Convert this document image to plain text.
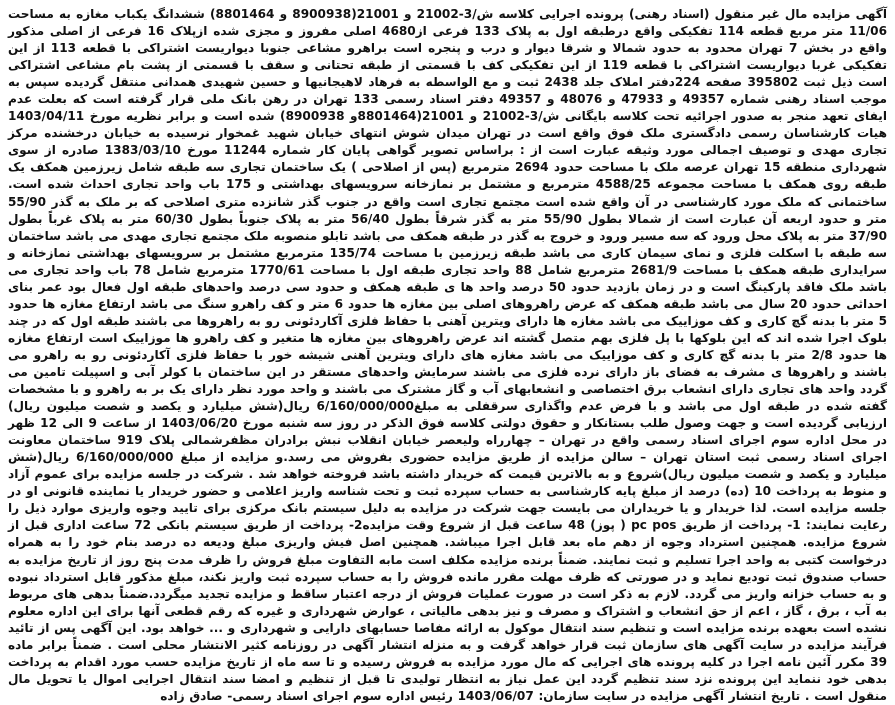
آگهی مزایده مال غیر منقول (اسناد رهنی) پرونده اجرایی کلاسه ش/3-21002 و 21001(8900938 و 8801464) ششدانگ یکباب مغازه به مساحت 11/06 متر مربع قطعه 114 تفکیکی واقع درطبقه اول به پلاک 133 فرعی از4680 اصلی مفروز و مجزی شده ازپلاک 16 فرعی از اصلی مذکور واقع در بخش 7 تهران محدود به حدود شمالا و شرقا دیوار و درب و پنجره است براهرو مشاعی جنوبا دیواریست اشتراکی با قطعه 113 از این تفکیکی غربا دیواریست اشتراکی با قطعه 119 از این تفکیکی کف با قسمتی از طبقه تحتانی و سقف با قسمتی از پشت بام مشاعی اشتراکی است ذیل ثبت 395802 صفحه 224دفتر املاک جلد 2438 ثبت و مع الواسطه به فرهاد لاهیجانیها و حسین شهیدی همدانی منتقل گردیده سپس به موجب اسناد رهنی شماره 49357 و 47933 و 48076 و 49357 دفتر اسناد رسمی 133 تهران در رهن بانک ملی قرار گرفته است که بعلت عدم ایفای تعهد منجر به صدور اجرائیه تحت کلاسه بایگانی ش/3-21002 و 21001(8801464و 8900938) شده است و برابر نظریه مورخ 1403/04/11 هیات کارشناسان رسمی دادگستری ملک فوق واقع است در تهران میدان شوش انتهای خیابان شهید غمخوار نرسیده به خیابان درخشنده مرکز تجاری مهدی و توصیف اجمالی مورد وثیقه عبارت است از : براساس تصویر گواهی پایان کار شماره 11244 مورخ 1383/03/10 صادره از سوی شهرداری منطقه 15 تهران عرصه ملک با مساحت حدود 2694 مترمربع (پس از اصلاحی ) یک ساختمان تجاری سه طبقه شامل زیرزمین همکف یک طبقه روی همکف با مساحت مجموعه 4588/25 مترمربع و مشتمل بر نمازخانه سرویسهای بهداشتی و 175 باب واحد تجاری احداث شده است. ساختمانی که ملک مورد کارشناسی در آن واقع شده است مجتمع تجاری است واقع در جنوب گذر شانزده متری اصلاحی که بر ملک به گذر 55/90 متر و حدود اربعه آن عبارت است از شمالا بطول 55/90 متر به گذر شرقاً بطول 56/40 متر به پلاک جنوباً بطول 60/30 متر به پلاک غرباً بطول 37/90 متر به پلاک محل ورود که سه مسیر ورود و خروج به گذر در طبقه همکف می باشد تابلو منصوبه ملک مجتمع تجاری مهدی می باشد ساختمان سه طبقه با اسکلت فلزی و نمای سیمان کاری می باشد طبقه زیرزمین با مساحت 135/74 مترمربع مشتمل بر سرویسهای بهداشتی نمازخانه و سرایداری طبقه همکف با مساحت 2681/9 مترمربع شامل 88 واحد تجاری طبقه اول با مساحت 1770/61 مترمربع شامل 78 باب واحد تجاری می باشد ملک فاقد پارکینگ است و در زمان بازدید حدود 50 درصد واحد ها ی طبقه همکف و حدود سی درصد واحدهای طبقه اول فعال بود عمر بنای احداثی حدود 20 سال می باشد طبقه همکف که عرض راهروهای اصلی بین مغازه ها حدود 6 متر و کف راهرو سنگ می باشد ارتفاع مغازه ها حدود 5 متر با بدنه گچ کاری و کف موزاییک می باشد مغازه ها دارای ویترین آهنی با حفاظ فلزی آکاردئونی رو به راهروها می باشند طبقه اول که در چند بلوک اجرا شده اند که این بلوکها با پل فلزی بهم متصل گشته اند عرض راهروهای بین مغازه ها متغیر و کف راهرو ها موزاییک است ارتفاع مغازه ها حدود 2/8 متر با بدنه گچ کاری و کف موزاییک می باشد مغازه های دارای ویترین آهنی شیشه خور با حفاظ فلزی آکاردئونی رو به راهرو می باشند و راهروها ی مشرف به فضای باز دارای نرده فلزی می باشند سرمایش واحدهای مستقر در این ساختمان با کولر آبی و اسپیلت تامین می گردد واحد های تجاری دارای انشعاب برق اختصاصی و انشعابهای آب و گاز مشترک می باشند و واحد مورد نظر دارای یک بر به راهرو و با مشخصات گفته شده در طبقه اول می باشد و با فرض عدم واگذاری سرقفلی به مبلغ6/160/000/000 ریال(شش میلیارد و یکصد و شصت میلیون ریال) ارزیابی گردیده است و جهت وصول طلب بستانکار و حقوق دولتی کلاسه فوق الذکر در روز سه شنبه مورخ 1403/06/20 از ساعت 9 الی 12 ظهر در محل اداره سوم اجرای اسناد رسمی واقع در تهران – چهارراه ولیعصر خیابان انقلاب نبش برادران مظفرشمالی پلاک 919 ساختمان معاونت اجرای اسناد رسمی ثبت استان تهران – سالن مزایده از طریق مزایده حضوری بفروش می رسد.و مزایده از مبلغ 6/160/000/000 ریال(شش میلیارد و یکصد و شصت میلیون ریال)شروع و به بالاترین قیمت که خریدار داشته باشد فروخته خواهد شد . شرکت در جلسه مزایده برای عموم آزاد و منوط به پرداخت 10 (ده) درصد از مبلغ پایه کارشناسی به حساب سپرده ثبت و تحت شناسه واریز اعلامی و حضور خریدار یا نماینده قانونی او در جلسه مزایده است. لذا خریدار و یا خریداران می بایست جهت شرکت در مزایده به دلیل سیستم بانک مرکزی برای تایید وجوه واریزی موارد ذیل را رعایت نمایند: 1- پرداخت از طریق pc pos ( پوز) 48 ساعت قبل از شروع وقت مزایده2- پرداخت از طریق سیستم بانکی 72 ساعت اداری قبل از شروع مزایده. همچنین استرداد وجوه از دهم ماه بعد قابل اجرا میباشد. همچنین اصل فیش واریزی مبلغ ودیعه ده درصد بنام خود را به همراه درخواست کتبی به واحد اجرا تسلیم و ثبت نمایند. ضمناً برنده مزایده مکلف است مابه التفاوت مبلغ فروش را ظرف مدت پنج روز از تاریخ مزایده به حساب صندوق ثبت تودیع نماید و در صورتی که ظرف مهلت مقرر مانده فروش را به حساب سپرده ثبت واریز نکند، مبلغ مذکور قابل استرداد نبوده و به حساب خزانه واریز می گردد. لازم به ذکر است در صورت عملیات فروش از درجه اعتبار ساقط و مزایده تجدید میگردد.ضمناً بدهی های مربوط به آب ، برق ، گاز ، اعم از حق انشعاب و اشتراک و مصرف و نیز بدهی مالیاتی ، عوارض شهرداری و غیره که رقم قطعی آنها برای این اداره معلوم نشده است بعهده برنده مزایده است و تنظیم سند انتقال موکول به ارائه مفاصا حسابهای دارایی و شهرداری و ... خواهد بود. این آگهی پس از تائید فرآیند مزایده در سایت آگهی های سازمان ثبت قرار خواهد گرفت و به منزله انتشار آگهی در روزنامه کثیر الانتشار محلی است . ضمناً برابر ماده 39 مکرر آئین نامه اجرا در کلیه پرونده های اجرایی که مال مورد مزایده به فروش رسیده و تا سه ماه از تاریخ مزایده حسب مورد اقدام به پرداخت بدهی خود ننماید این پرونده نزد سند تنظیم گردد این عمل نیاز به انتظار تولیدی تا قبل از تنظیم و امضا سند انتقال اجرایی اموال یا تحویل مال منقول است . تاریخ انتشار آگهی مزایده در سایت سازمان: 1403/06/07 رئیس اداره سوم اجرای اسناد رسمی- صادق زاده
